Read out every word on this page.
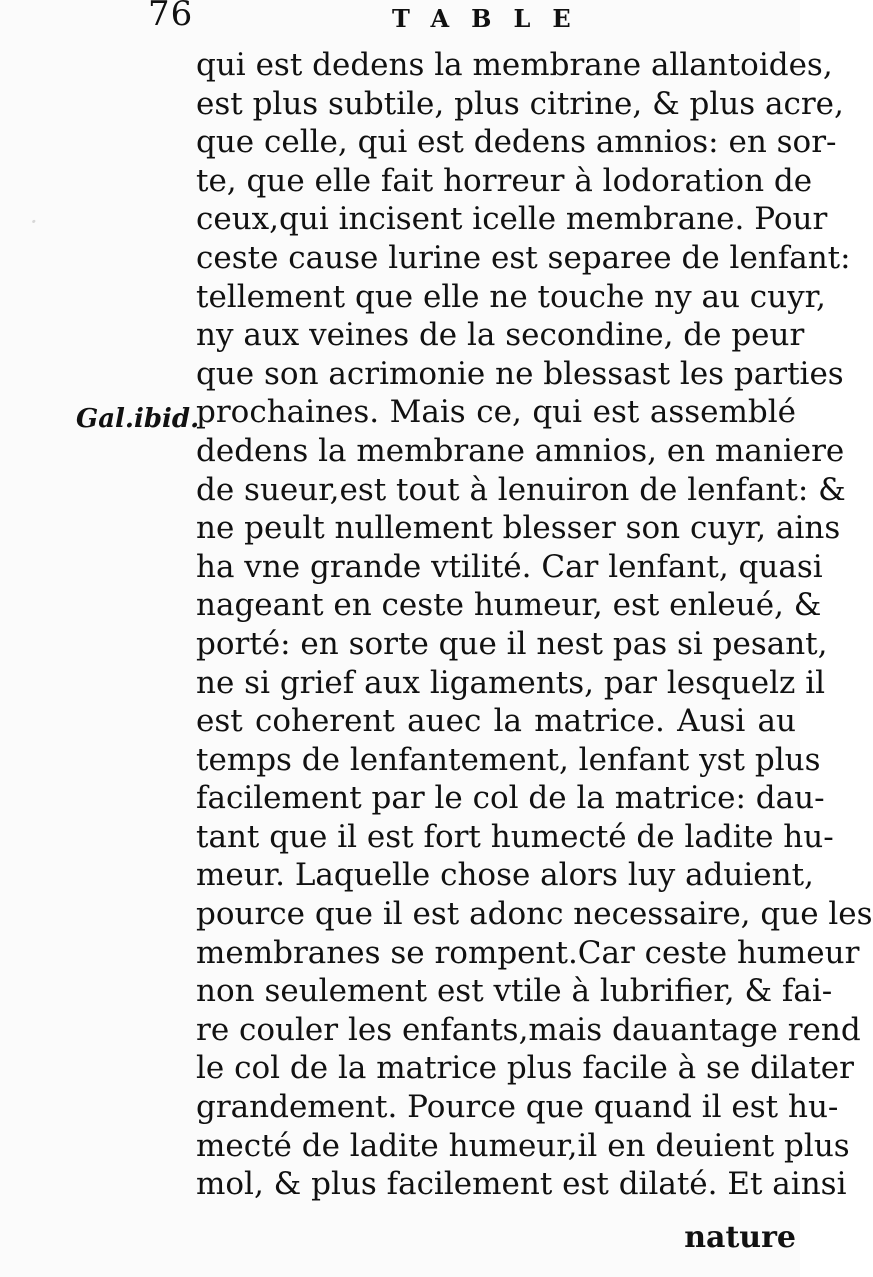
·
76	TABLE
Gal.ibid.
qui est dedens la membrane allantoides,
est plus subtile, plus citrine, & plus acre,
que celle, qui est dedens amnios: en sor-
te, que elle fait horreur à lodoration de
ceux,qui incisent icelle membrane. Pour
ceste cause lurine est separee de lenfant:
tellement que elle ne touche ny au cuyr,
ny aux veines de la secondine, de peur
que son acrimonie ne blessast les parties
prochaines. Mais ce, qui est assemblé
dedens la membrane amnios, en maniere
de sueur,est tout à lenuiron de lenfant: &
ne peult nullement blesser son cuyr, ains
ha vne grande vtilité. Car lenfant, quasi
nageant en ceste humeur, est enleué, &
porté: en sorte que il nest pas si pesant,
ne si grief aux ligaments, par lesquelz il
est coherent auec la matrice. Ausi au
temps de lenfantement, lenfant yst plus
facilement par le col de la matrice: dau-
tant que il est fort humecté de ladite hu-
meur. Laquelle chose alors luy aduient,
pource que il est adonc necessaire, que les
membranes se rompent.Car ceste humeur
non seulement est vtile à lubrifier, & fai-
re couler les enfants,mais dauantage rend
le col de la matrice plus facile à se dilater
grandement. Pource que quand il est hu-
mecté de ladite humeur,il en deuient plus
mol, & plus facilement est dilaté. Et ainsi
nature
